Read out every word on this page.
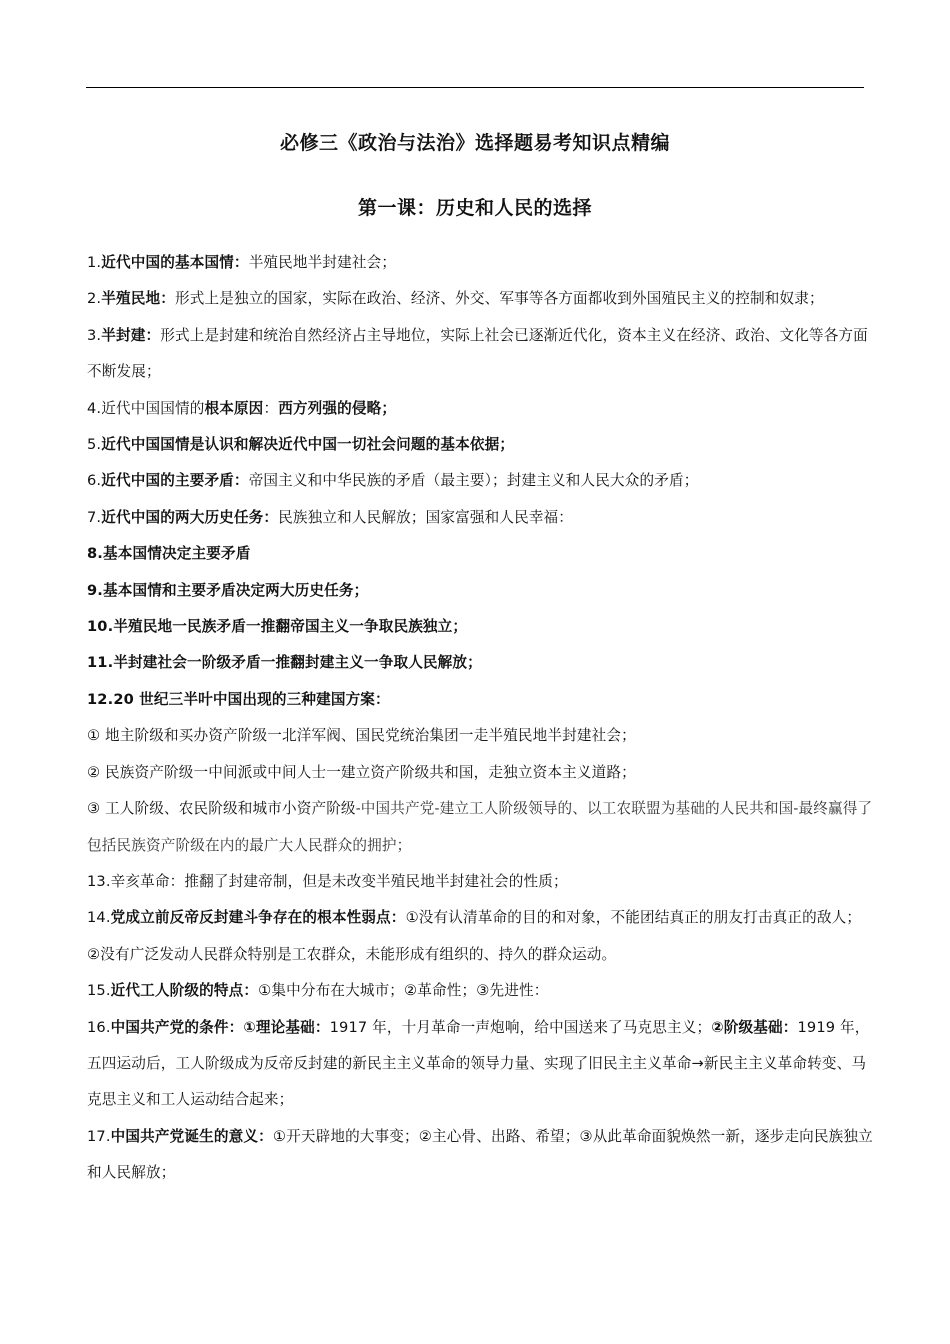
必修三《政治与法治》选择题易考知识点精编
第一课：历史和人民的选择

1.近代中国的基本国情：半殖民地半封建社会；

2.半殖民地：形式上是独立的国家，实际在政治、经济、外交、军事等各方面都收到外国殖民主义的控制和奴隶；

3.半封建：形式上是封建和统治自然经济占主导地位，实际上社会已逐渐近代化，资本主义在经济、政治、文化等各方面不断发展；

4.近代中国国情的根本原因：西方列强的侵略；

5.近代中国国情是认识和解决近代中国一切社会问题的基本依据；

6.近代中国的主要矛盾：帝国主义和中华民族的矛盾（最主要）；封建主义和人民大众的矛盾；

7.近代中国的两大历史任务：民族独立和人民解放；国家富强和人民幸福：

8.基本国情决定主要矛盾

9.基本国情和主要矛盾决定两大历史任务；

10.半殖民地一民族矛盾一推翻帝国主义一争取民族独立；

11.半封建社会一阶级矛盾一推翻封建主义一争取人民解放；

12.20 世纪三半叶中国出现的三种建国方案：

① 地主阶级和买办资产阶级一北洋军阀、国民党统治集团一走半殖民地半封建社会；

② 民族资产阶级一中间派或中间人士一建立资产阶级共和国，走独立资本主义道路；

③ 工人阶级、农民阶级和城市小资产阶级-中国共产党-建立工人阶级领导的、以工农联盟为基础的人民共和国-最终赢得了包括民族资产阶级在内的最广大人民群众的拥护；

13.辛亥革命：推翻了封建帝制，但是未改变半殖民地半封建社会的性质；

14.党成立前反帝反封建斗争存在的根本性弱点：①没有认清革命的目的和对象，不能团结真正的朋友打击真正的敌人；②没有广泛发动人民群众特别是工农群众，未能形成有组织的、持久的群众运动。

15.近代工人阶级的特点：①集中分布在大城市；②革命性；③先进性：

16.中国共产党的条件：①理论基础：1917 年，十月革命一声炮响，给中国送来了马克思主义；②阶级基础：1919 年，五四运动后，工人阶级成为反帝反封建的新民主主义革命的领导力量、实现了旧民主主义革命→新民主主义革命转变、马克思主义和工人运动结合起来；

17.中国共产党诞生的意义：①开天辟地的大事变；②主心骨、出路、希望；③从此革命面貌焕然一新，逐步走向民族独立和人民解放；
